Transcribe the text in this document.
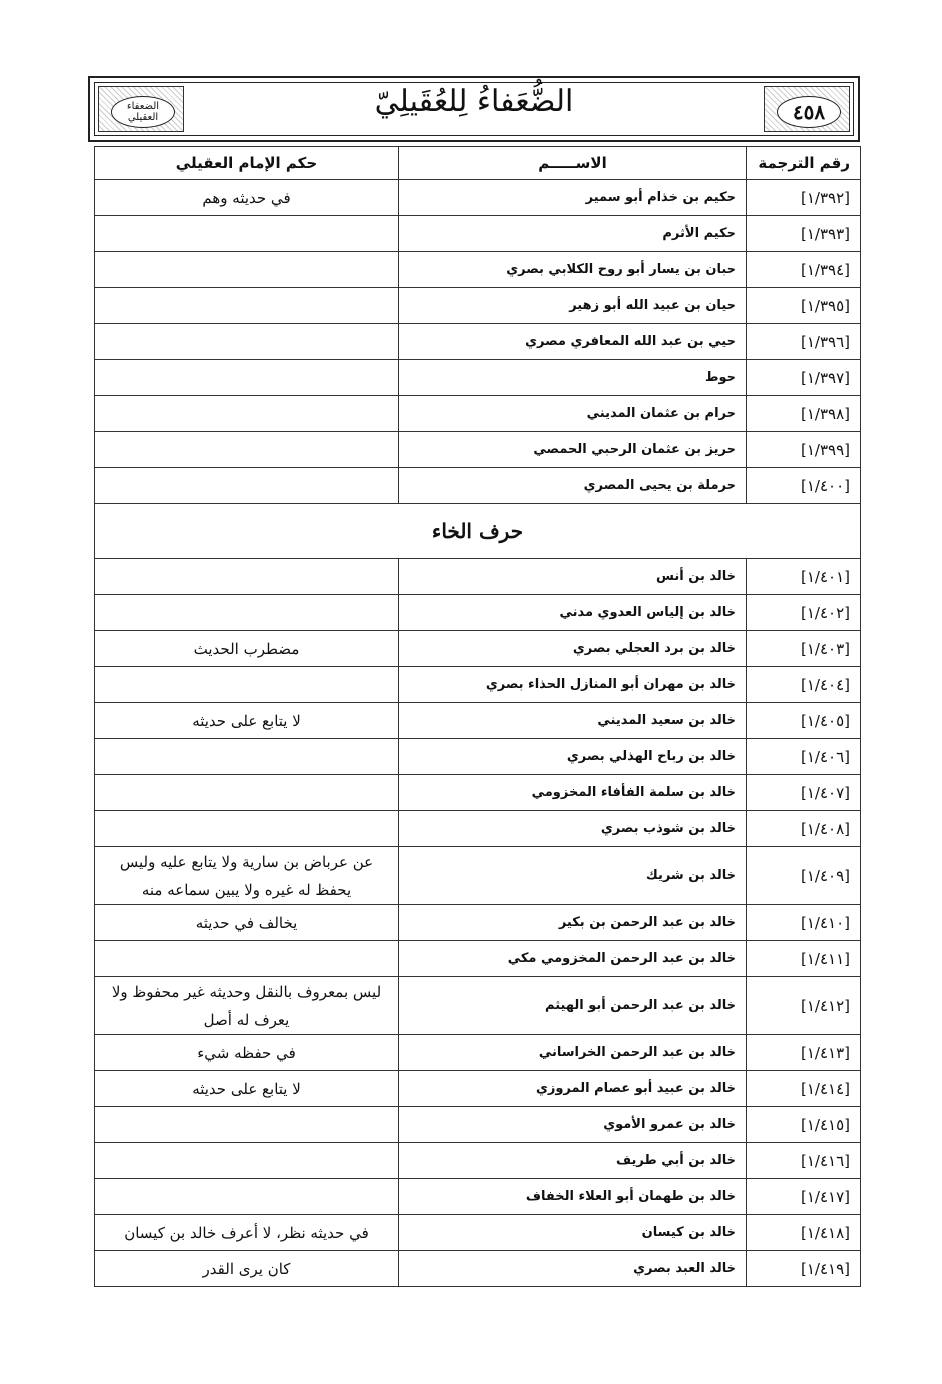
٤٥٨
الضُّعَفاءُ لِلعُقَيلِيّ
الضعفاء العقيلي
رقم الترجمة	الاســـــم	حكم الإمام العقيلي
[١/٣٩٢]	حكيم بن خذام أبو سمير	في حديثه وهم
[١/٣٩٣]	حكيم الأثرم	
[١/٣٩٤]	حبان بن يسار أبو روح الكلابي بصري	
[١/٣٩٥]	حيان بن عبيد الله أبو زهير	
[١/٣٩٦]	حيي بن عبد الله المعافري مصري	
[١/٣٩٧]	حوط	
[١/٣٩٨]	حرام بن عثمان المديني	
[١/٣٩٩]	حريز بن عثمان الرحبي الحمصي	
[١/٤٠٠]	حرملة بن يحيى المصري	
حرف الخاء		
[١/٤٠١]	خالد بن أنس	
[١/٤٠٢]	خالد بن إلياس العدوي مدني	
[١/٤٠٣]	خالد بن برد العجلي بصري	مضطرب الحديث
[١/٤٠٤]	خالد بن مهران أبو المنازل الحذاء بصري	
[١/٤٠٥]	خالد بن سعيد المديني	لا يتابع على حديثه
[١/٤٠٦]	خالد بن رباح الهذلي بصري	
[١/٤٠٧]	خالد بن سلمة الفأفاء المخزومي	
[١/٤٠٨]	خالد بن شوذب بصري	
[١/٤٠٩]	خالد بن شريك	عن عرباض بن سارية ولا يتابع عليه وليس يحفظ له غيره ولا يبين سماعه منه
[١/٤١٠]	خالد بن عبد الرحمن بن بكير	يخالف في حديثه
[١/٤١١]	خالد بن عبد الرحمن المخزومي مكي	
[١/٤١٢]	خالد بن عبد الرحمن أبو الهيثم	ليس بمعروف بالنقل وحديثه غير محفوظ ولا يعرف له أصل
[١/٤١٣]	خالد بن عبد الرحمن الخراساني	في حفظه شيء
[١/٤١٤]	خالد بن عبيد أبو عصام المروزي	لا يتابع على حديثه
[١/٤١٥]	خالد بن عمرو الأموي	
[١/٤١٦]	خالد بن أبي طريف	
[١/٤١٧]	خالد بن طهمان أبو العلاء الخفاف	
[١/٤١٨]	خالد بن كيسان	في حديثه نظر، لا أعرف خالد بن كيسان
[١/٤١٩]	خالد العبد بصري	كان يرى القدر
